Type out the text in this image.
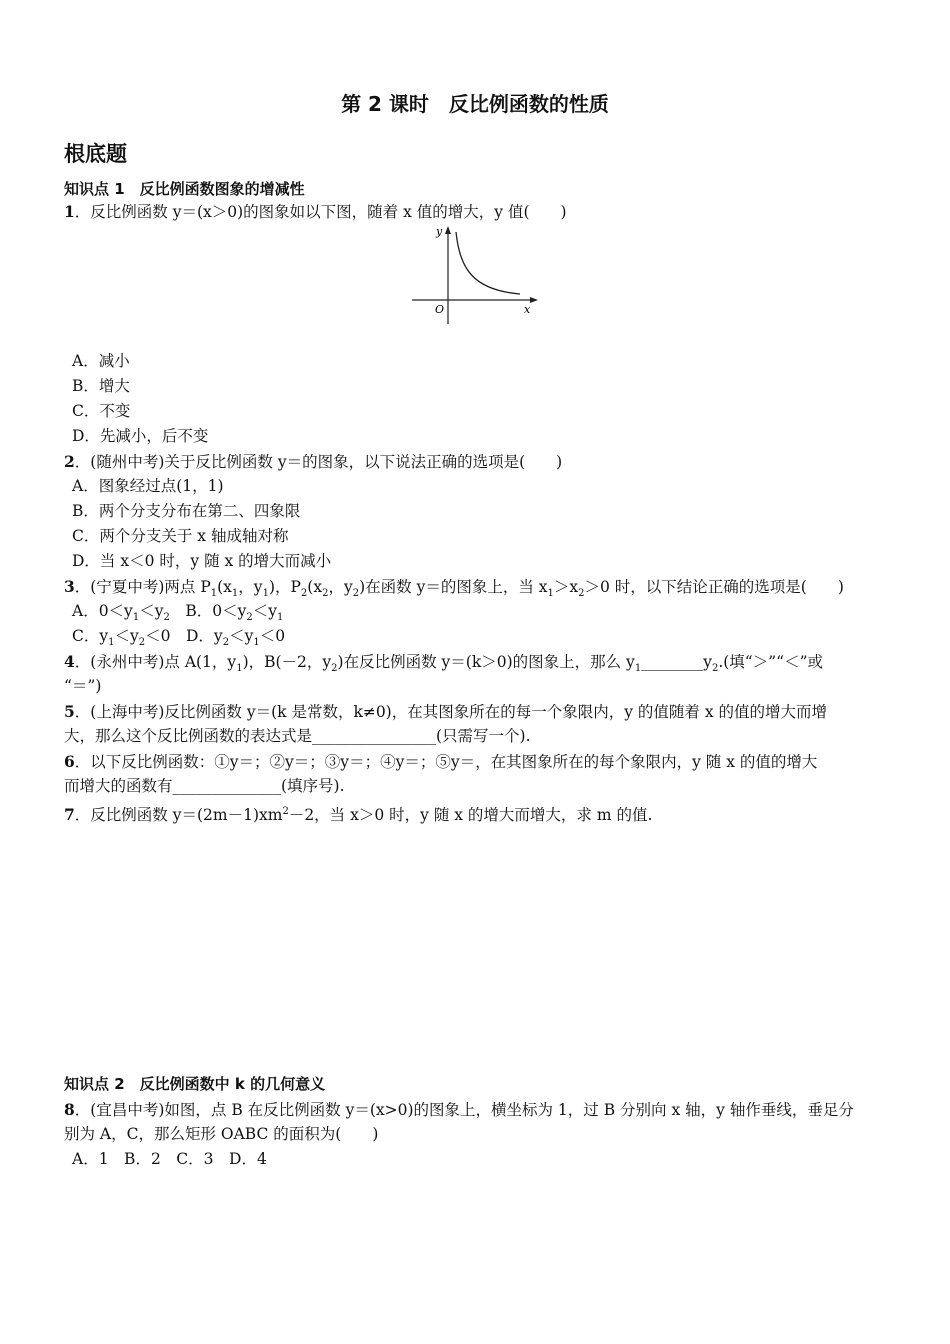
第 2 课时　反比例函数的性质
根底题
知识点 1　反比例函数图象的增减性
1．反比例函数 y＝(x＞0)的图象如以下图，随着 x 值的增大，y 值(　　)
y
x
O
A．减小
B．增大
C．不变
D．先减小，后不变
2．(随州中考)关于反比例函数 y＝的图象，以下说法正确的选项是(　　)
A．图象经过点(1，1)
B．两个分支分布在第二、四象限
C．两个分支关于 x 轴成轴对称
D．当 x＜0 时，y 随 x 的增大而减小
3．(宁夏中考)两点 $P_1(x_1$，$y_1$)，$P_2(x_2$，$y_2$)在函数 y＝的图象上，当 $x_1>x_2>0$ 时，以下结论正确的选项是(　　)
A．$0<y_1<y_2$　B．$0<y_2<y_1$
C．$y_1<y_2<0$　D．$y_2<y_1<0$
4．(永州中考)点 A(1，$y_1$)，B(－2，$y_2$)在反比例函数 y＝(k＞0)的图象上，那么 $y_1\_\_\_\_\_\_\_\_y_2$.(填“＞”“＜”或
“＝”)
5．(上海中考)反比例函数 y＝(k 是常数，k≠0)，在其图象所在的每一个象限内，y 的值随着 x 的值的增大而增
大，那么这个反比例函数的表达式是________________(只需写一个).
6．以下反比例函数：①y＝；②y＝；③y＝；④y＝；⑤y＝，在其图象所在的每个象限内，y 随 x 的值的增大
而增大的函数有______________(填序号).
7．反比例函数 $y=(2m-1)xm^2-2$，当 x＞0 时，y 随 x 的增大而增大，求 m 的值.
知识点 2　反比例函数中 k 的几何意义
8．(宜昌中考)如图，点 B 在反比例函数 y＝(x>0)的图象上，横坐标为 1，过 B 分别向 x 轴，y 轴作垂线，垂足分
别为 A，C，那么矩形 OABC 的面积为(　　)
A．1　B．2　C．3　D．4
